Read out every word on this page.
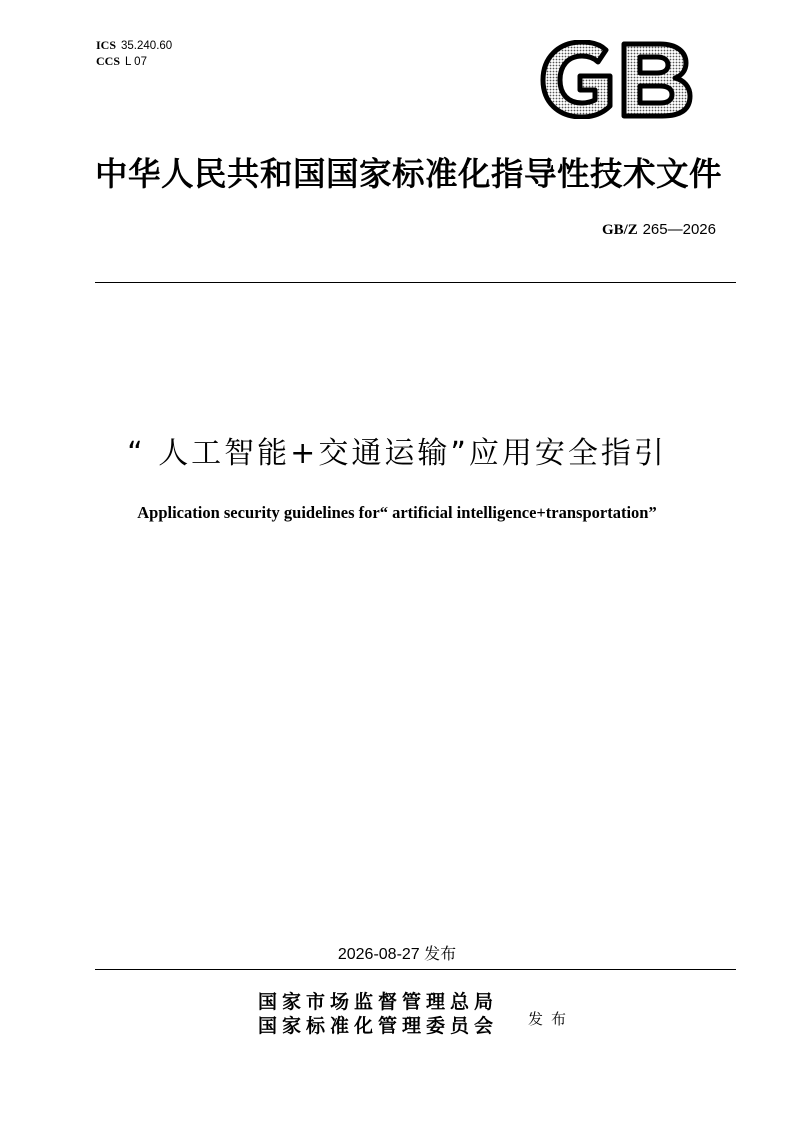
ICS 35.240.60
CCS L 07
中华人民共和国国家标准化指导性技术文件
GB/Z 265—2026
“ 人工智能+交通运输”应用安全指引
Application security guidelines for“ artificial intelligence+transportation”
2026-08-27 发布
国家市场监督管理总局
国家标准化管理委员会 发布
